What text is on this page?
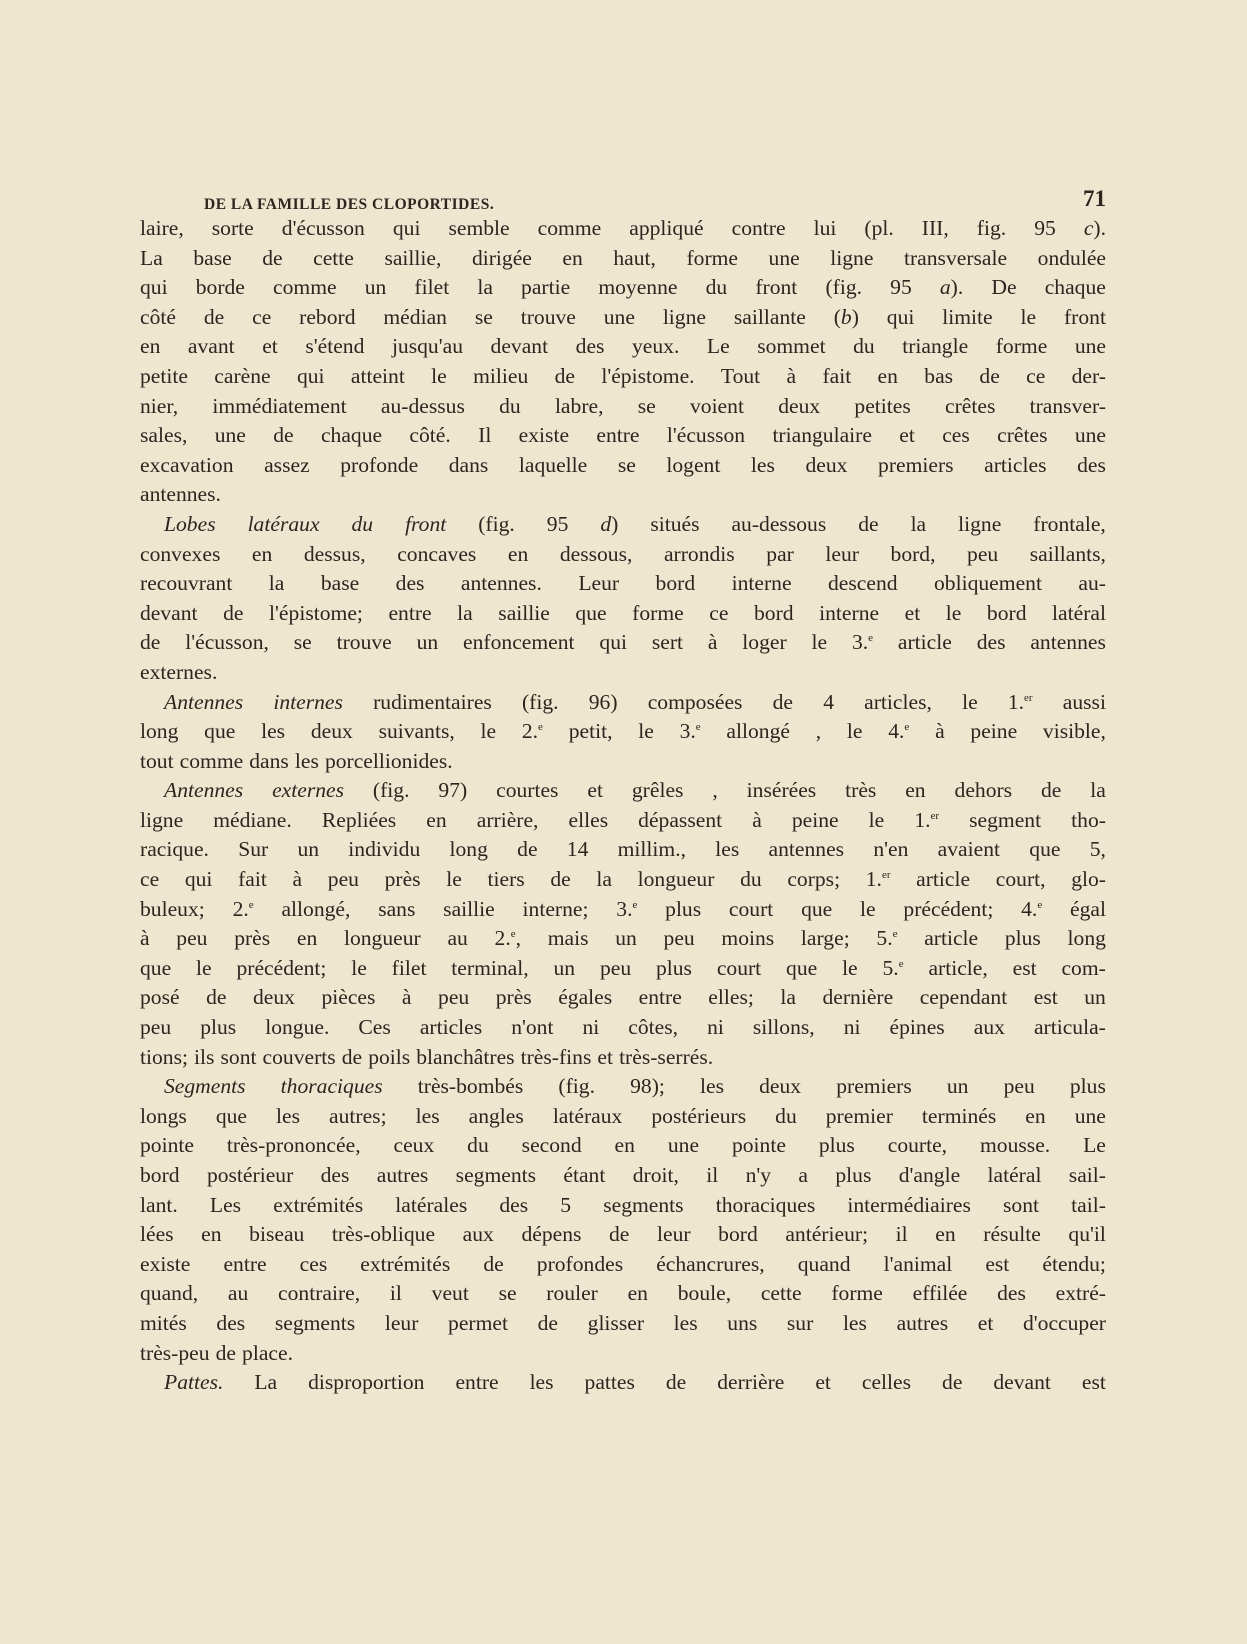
DE LA FAMILLE DES CLOPORTIDES.	71
laire, sorte d'écusson qui semble comme appliqué contre lui (pl. III, fig. 95 c).
La base de cette saillie, dirigée en haut, forme une ligne transversale ondulée
qui borde comme un filet la partie moyenne du front (fig. 95 a). De chaque
côté de ce rebord médian se trouve une ligne saillante (b) qui limite le front
en avant et s'étend jusqu'au devant des yeux. Le sommet du triangle forme une
petite carène qui atteint le milieu de l'épistome. Tout à fait en bas de ce der-
nier, immédiatement au-dessus du labre, se voient deux petites crêtes transver-
sales, une de chaque côté. Il existe entre l'écusson triangulaire et ces crêtes une
excavation assez profonde dans laquelle se logent les deux premiers articles des
antennes.
Lobes latéraux du front (fig. 95 d) situés au-dessous de la ligne frontale,
convexes en dessus, concaves en dessous, arrondis par leur bord, peu saillants,
recouvrant la base des antennes. Leur bord interne descend obliquement au-
devant de l'épistome; entre la saillie que forme ce bord interne et le bord latéral
de l'écusson, se trouve un enfoncement qui sert à loger le 3.$^e$ article des antennes
externes.
Antennes internes rudimentaires (fig. 96) composées de 4 articles, le 1.$^{er}$ aussi
long que les deux suivants, le 2.$^e$ petit, le 3.$^e$ allongé , le 4.$^e$ à peine visible,
tout comme dans les porcellionides.
Antennes externes (fig. 97) courtes et grêles , insérées très en dehors de la
ligne médiane. Repliées en arrière, elles dépassent à peine le 1.$^{er}$ segment tho-
racique. Sur un individu long de 14 millim., les antennes n'en avaient que 5,
ce qui fait à peu près le tiers de la longueur du corps; 1.$^{er}$ article court, glo-
buleux; 2.$^e$ allongé, sans saillie interne; 3.$^e$ plus court que le précédent; 4.$^e$ égal
à peu près en longueur au 2.$^e$, mais un peu moins large; 5.$^e$ article plus long
que le précédent; le filet terminal, un peu plus court que le 5.$^e$ article, est com-
posé de deux pièces à peu près égales entre elles; la dernière cependant est un
peu plus longue. Ces articles n'ont ni côtes, ni sillons, ni épines aux articula-
tions; ils sont couverts de poils blanchâtres très-fins et très-serrés.
Segments thoraciques très-bombés (fig. 98); les deux premiers un peu plus
longs que les autres; les angles latéraux postérieurs du premier terminés en une
pointe très-prononcée, ceux du second en une pointe plus courte, mousse. Le
bord postérieur des autres segments étant droit, il n'y a plus d'angle latéral sail-
lant. Les extrémités latérales des 5 segments thoraciques intermédiaires sont tail-
lées en biseau très-oblique aux dépens de leur bord antérieur; il en résulte qu'il
existe entre ces extrémités de profondes échancrures, quand l'animal est étendu;
quand, au contraire, il veut se rouler en boule, cette forme effilée des extré-
mités des segments leur permet de glisser les uns sur les autres et d'occuper
très-peu de place.
Pattes. La disproportion entre les pattes de derrière et celles de devant est
